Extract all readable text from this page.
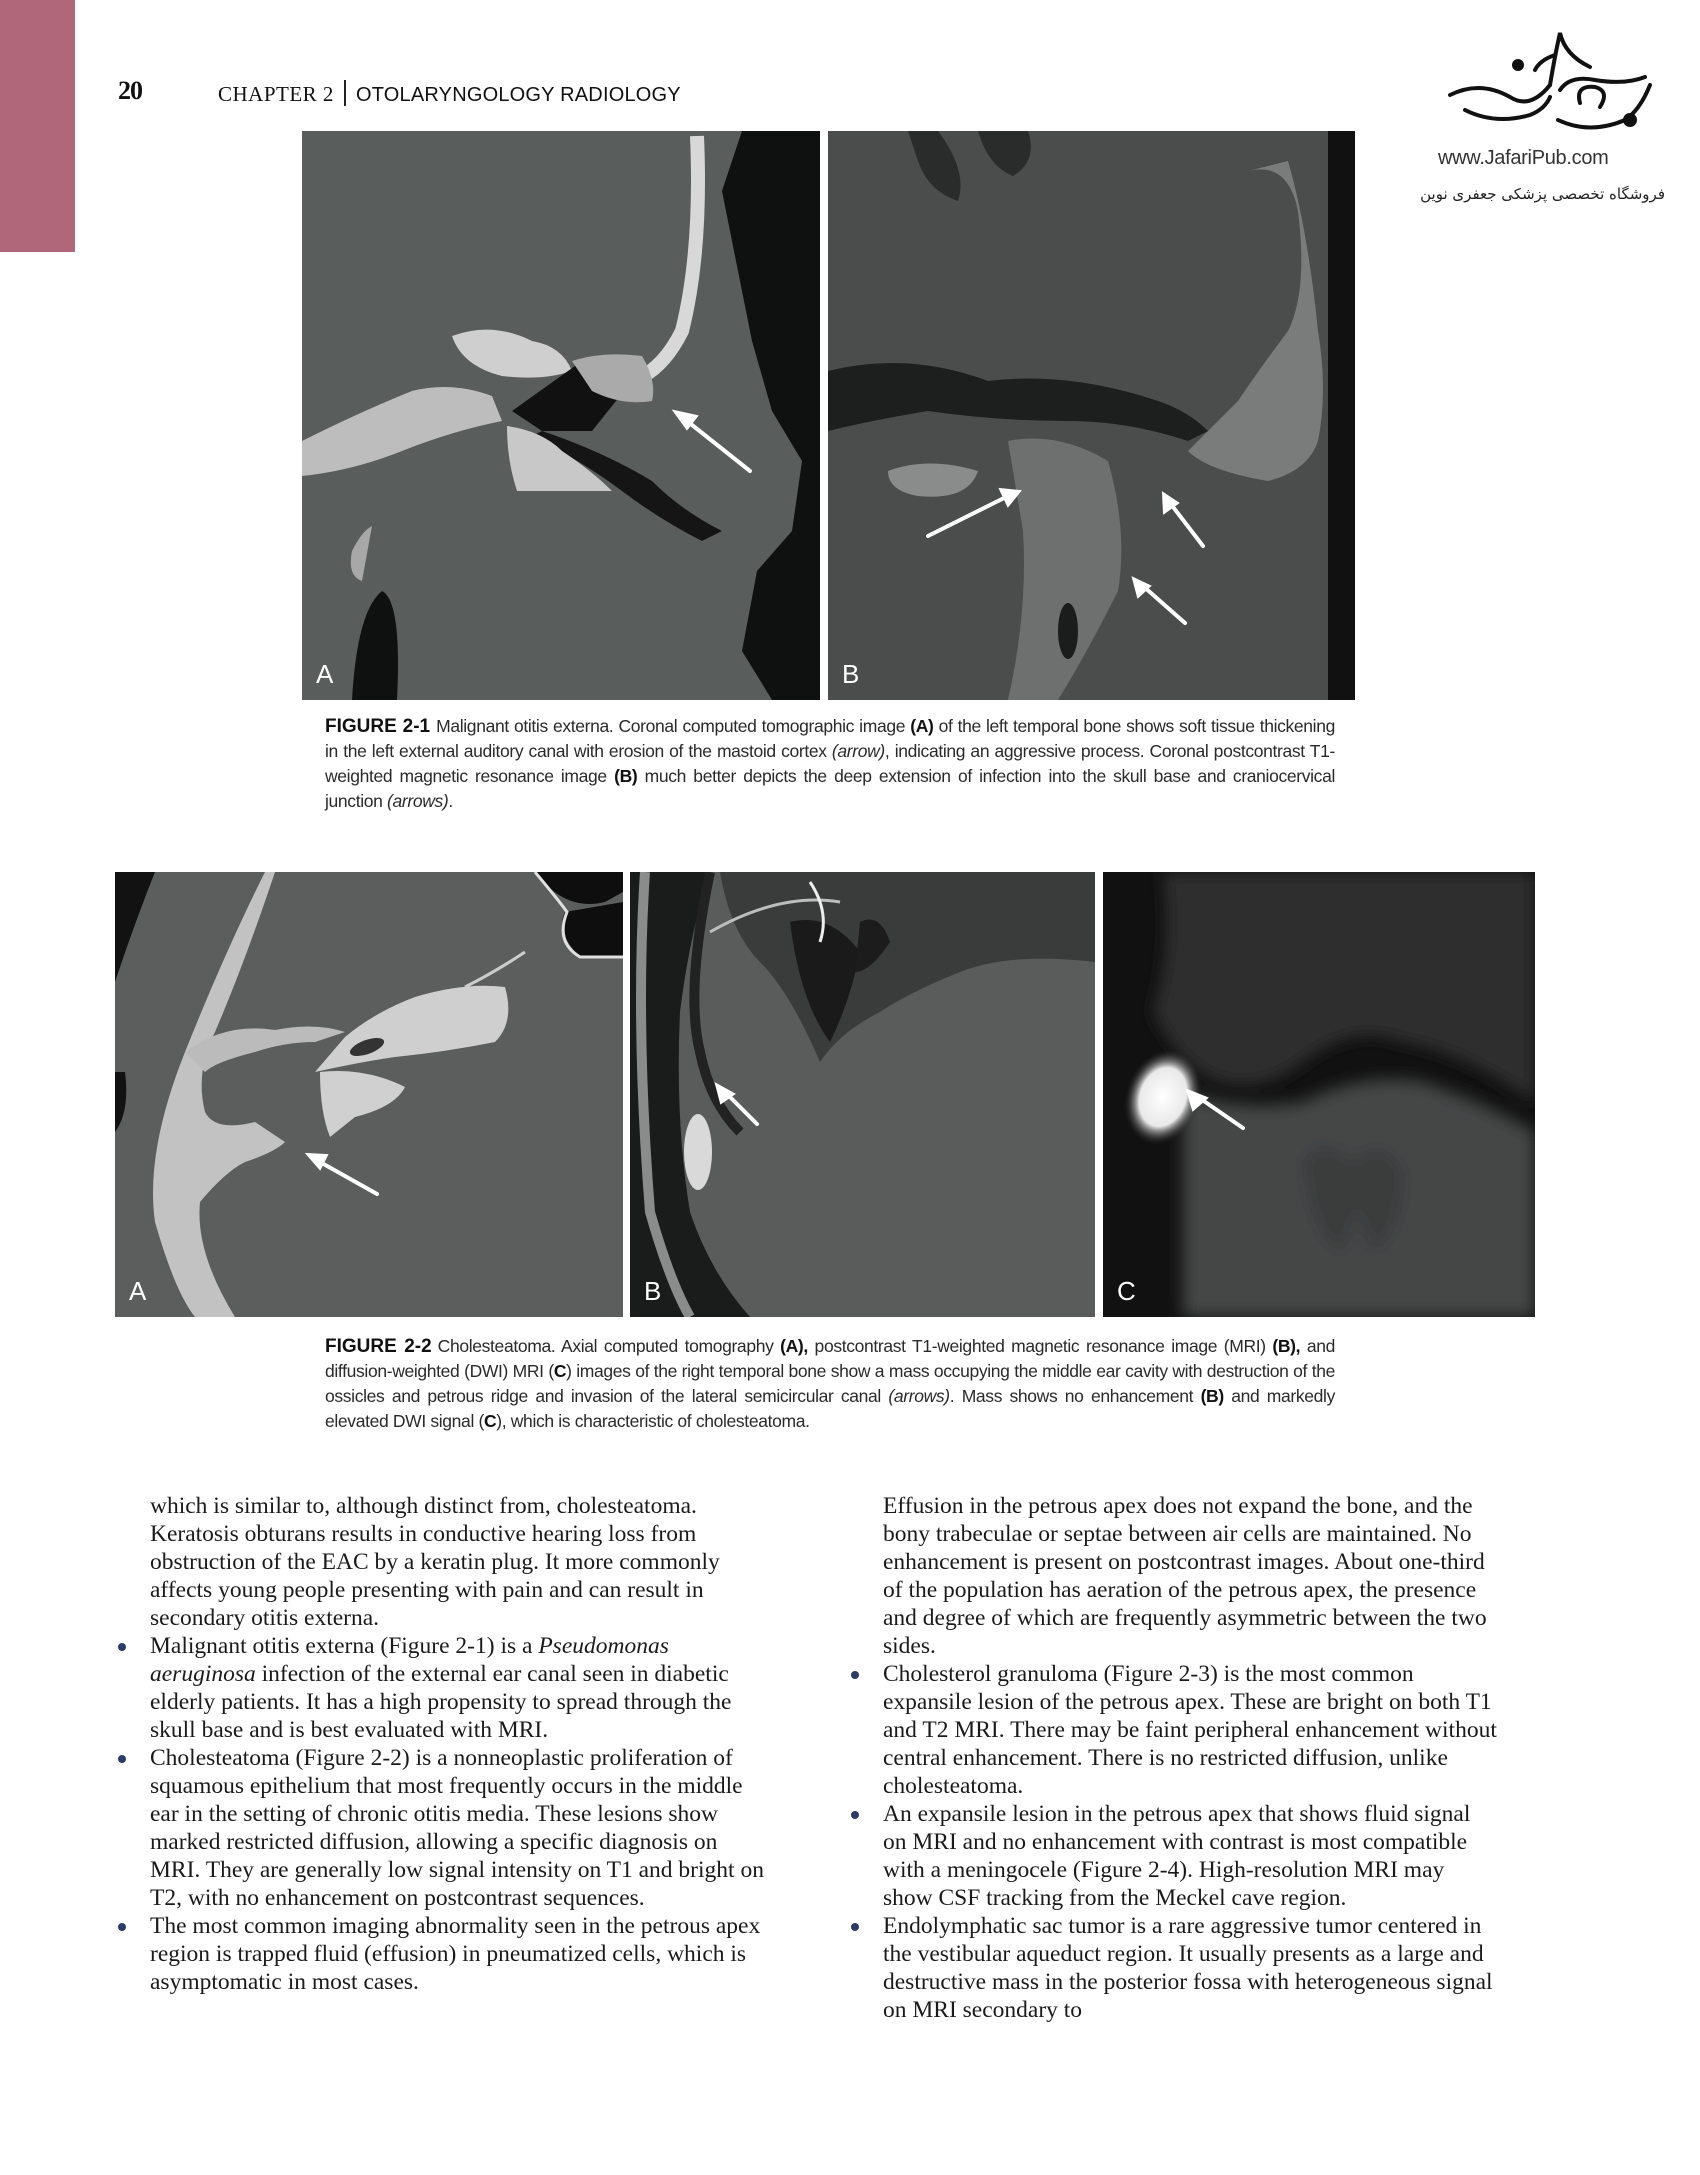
20	CHAPTER 2 OTOLARYNGOLOGY RADIOLOGY
www.JafariPub.com
فروشگاه تخصصی پزشکی جعفری نوین
A	B
FIGURE 2-1 Malignant otitis externa. Coronal computed tomographic image (A) of the left temporal bone shows soft tissue thickening in the left external auditory canal with erosion of the mastoid cortex (arrow), indicating an aggressive process. Coronal postcontrast T1-weighted magnetic resonance image (B) much better depicts the deep extension of infection into the skull base and craniocervical junction (arrows).
A	B	C
FIGURE 2-2 Cholesteatoma. Axial computed tomography (A), postcontrast T1-weighted magnetic resonance image (MRI) (B), and diffusion-weighted (DWI) MRI (C) images of the right temporal bone show a mass occupying the middle ear cavity with destruction of the ossicles and petrous ridge and invasion of the lateral semicircular canal (arrows). Mass shows no enhancement (B) and markedly elevated DWI signal (C), which is characteristic of cholesteatoma.

which is similar to, although distinct from, cholesteatoma. Keratosis obturans results in conductive hearing loss from obstruction of the EAC by a keratin plug. It more commonly affects young people presenting with pain and can result in secondary otitis externa.

Malignant otitis externa (Figure 2-1) is a Pseudomonas aeruginosa infection of the external ear canal seen in diabetic elderly patients. It has a high propensity to spread through the skull base and is best evaluated with MRI.
Cholesteatoma (Figure 2-2) is a nonneoplastic proliferation of squamous epithelium that most frequently occurs in the middle ear in the setting of chronic otitis media. These lesions show marked restricted diffusion, allowing a specific diagnosis on MRI. They are generally low signal intensity on T1 and bright on T2, with no enhancement on postcontrast sequences.
The most common imaging abnormality seen in the petrous apex region is trapped fluid (effusion) in pneumatized cells, which is asymptomatic in most cases.

Effusion in the petrous apex does not expand the bone, and the bony trabeculae or septae between air cells are maintained. No enhancement is present on postcontrast images. About one-third of the population has aeration of the petrous apex, the presence and degree of which are frequently asymmetric between the two sides.

Cholesterol granuloma (Figure 2-3) is the most common expansile lesion of the petrous apex. These are bright on both T1 and T2 MRI. There may be faint peripheral enhancement without central enhancement. There is no restricted diffusion, unlike cholesteatoma.
An expansile lesion in the petrous apex that shows fluid signal on MRI and no enhancement with contrast is most compatible with a meningocele (Figure 2-4). High-resolution MRI may show CSF tracking from the Meckel cave region.
Endolymphatic sac tumor is a rare aggressive tumor centered in the vestibular aqueduct region. It usually presents as a large and destructive mass in the posterior fossa with heterogeneous signal on MRI secondary to
